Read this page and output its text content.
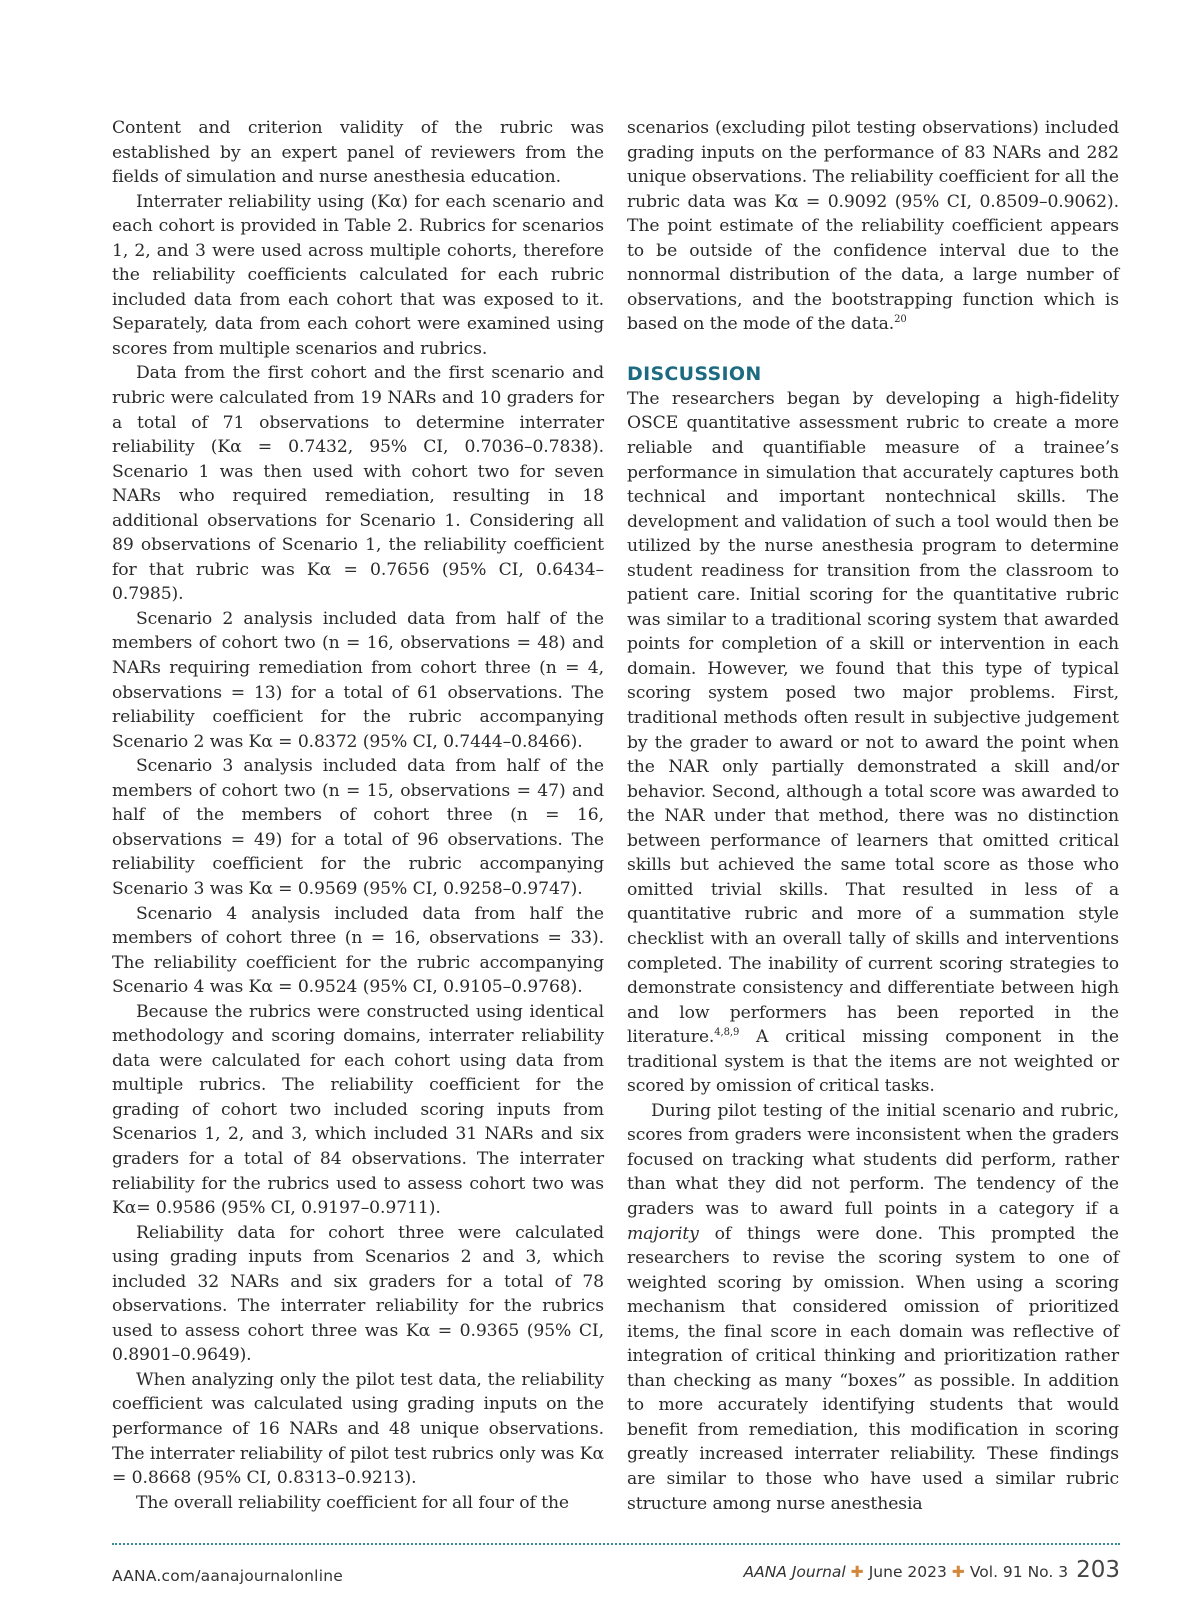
Content and criterion validity of the rubric was established by an expert panel of reviewers from the fields of simulation and nurse anesthesia education.

Interrater reliability using (Kα) for each scenario and each cohort is provided in Table 2. Rubrics for scenarios 1, 2, and 3 were used across multiple cohorts, therefore the reliability coefficients calculated for each rubric included data from each cohort that was exposed to it. Separately, data from each cohort were examined using scores from multiple scenarios and rubrics.

Data from the first cohort and the first scenario and rubric were calculated from 19 NARs and 10 graders for a total of 71 observations to determine interrater reliability (Kα = 0.7432, 95% CI, 0.7036–0.7838). Scenario 1 was then used with cohort two for seven NARs who required remediation, resulting in 18 additional observations for Scenario 1. Considering all 89 observations of Scenario 1, the reliability coefficient for that rubric was Kα = 0.7656 (95% CI, 0.6434–0.7985).

Scenario 2 analysis included data from half of the members of cohort two (n = 16, observations = 48) and NARs requiring remediation from cohort three (n = 4, observations = 13) for a total of 61 observations. The reliability coefficient for the rubric accompanying Scenario 2 was Kα = 0.8372 (95% CI, 0.7444–0.8466).

Scenario 3 analysis included data from half of the members of cohort two (n = 15, observations = 47) and half of the members of cohort three (n = 16, observations = 49) for a total of 96 observations. The reliability coefficient for the rubric accompanying Scenario 3 was Kα = 0.9569 (95% CI, 0.9258–0.9747).

Scenario 4 analysis included data from half the members of cohort three (n = 16, observations = 33). The reliability coefficient for the rubric accompanying Scenario 4 was Kα = 0.9524 (95% CI, 0.9105–0.9768).

Because the rubrics were constructed using identical methodology and scoring domains, interrater reliability data were calculated for each cohort using data from multiple rubrics. The reliability coefficient for the grading of cohort two included scoring inputs from Scenarios 1, 2, and 3, which included 31 NARs and six graders for a total of 84 observations. The interrater reliability for the rubrics used to assess cohort two was Kα= 0.9586 (95% CI, 0.9197–0.9711).

Reliability data for cohort three were calculated using grading inputs from Scenarios 2 and 3, which included 32 NARs and six graders for a total of 78 observations. The interrater reliability for the rubrics used to assess cohort three was Kα = 0.9365 (95% CI, 0.8901–0.9649).

When analyzing only the pilot test data, the reliability coefficient was calculated using grading inputs on the performance of 16 NARs and 48 unique observations. The interrater reliability of pilot test rubrics only was Kα = 0.8668 (95% CI, 0.8313–0.9213).

The overall reliability coefficient for all four of the

scenarios (excluding pilot testing observations) included grading inputs on the performance of 83 NARs and 282 unique observations. The reliability coefficient for all the rubric data was Kα = 0.9092 (95% CI, 0.8509–0.9062). The point estimate of the reliability coefficient appears to be outside of the confidence interval due to the nonnormal distribution of the data, a large number of observations, and the bootstrapping function which is based on the mode of the data.$^{20}$

DISCUSSION

The researchers began by developing a high-fidelity OSCE quantitative assessment rubric to create a more reliable and quantifiable measure of a trainee’s performance in simulation that accurately captures both technical and important nontechnical skills. The development and validation of such a tool would then be utilized by the nurse anesthesia program to determine student readiness for transition from the classroom to patient care. Initial scoring for the quantitative rubric was similar to a traditional scoring system that awarded points for completion of a skill or intervention in each domain. However, we found that this type of typical scoring system posed two major problems. First, traditional methods often result in subjective judgement by the grader to award or not to award the point when the NAR only partially demonstrated a skill and/or behavior. Second, although a total score was awarded to the NAR under that method, there was no distinction between performance of learners that omitted critical skills but achieved the same total score as those who omitted trivial skills. That resulted in less of a quantitative rubric and more of a summation style checklist with an overall tally of skills and interventions completed. The inability of current scoring strategies to demonstrate consistency and differentiate between high and low performers has been reported in the literature.$^{4,8,9}$ A critical missing component in the traditional system is that the items are not weighted or scored by omission of critical tasks.

During pilot testing of the initial scenario and rubric, scores from graders were inconsistent when the graders focused on tracking what students did perform, rather than what they did not perform. The tendency of the graders was to award full points in a category if a majority of things were done. This prompted the researchers to revise the scoring system to one of weighted scoring by omission. When using a scoring mechanism that considered omission of prioritized items, the final score in each domain was reflective of integration of critical thinking and prioritization rather than checking as many “boxes” as possible. In addition to more accurately identifying students that would benefit from remediation, this modification in scoring greatly increased interrater reliability. These findings are similar to those who have used a similar rubric structure among nurse anesthesia

AANA.com/aanajournalonline	AANA Journal ✚ June 2023 ✚ Vol. 91 No. 3 203
